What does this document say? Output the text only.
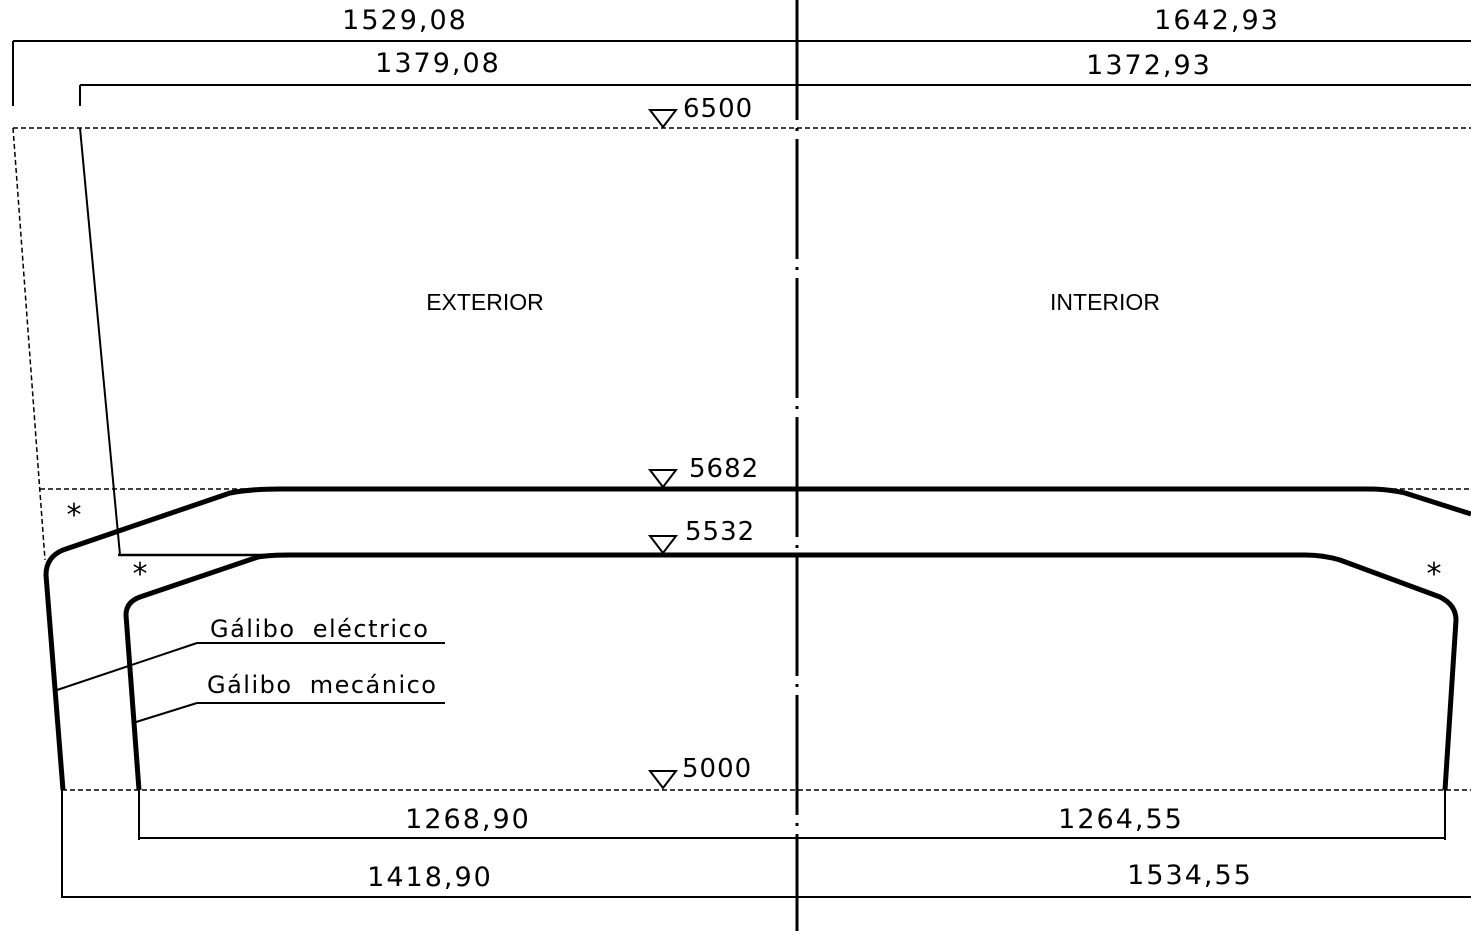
1529,08	1642,93
1379,08	1372,93
6500
5682
5532
5000
EXTERIOR	INTERIOR
*
*	*
Gálibo eléctrico
Gálibo mecánico
1268,90	1264,55
1418,90	1534,55
